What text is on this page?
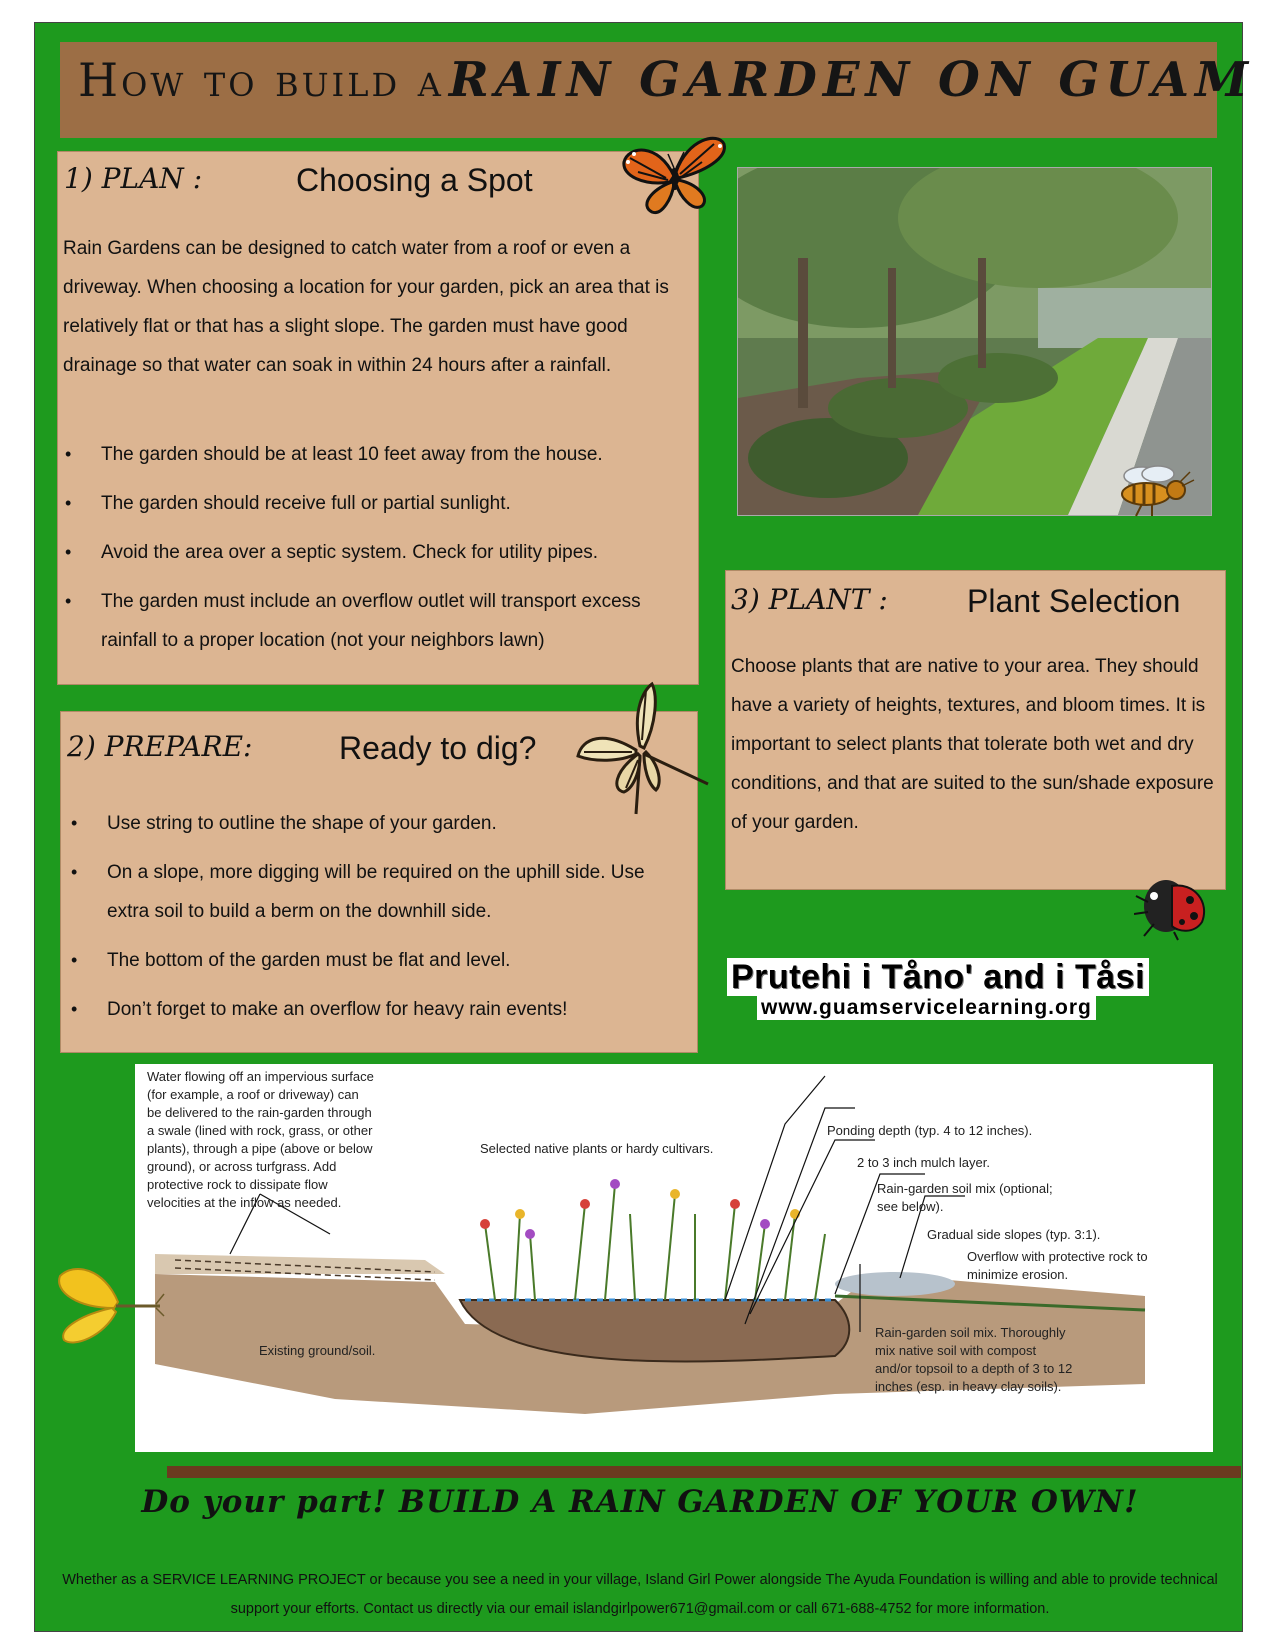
How to build a RAIN GARDEN ON GUAM
1) PLAN :	Choosing a Spot
Rain Gardens can be designed to catch water from a roof or even a driveway. When choosing a location for your garden, pick an area that is relatively flat or that has a slight slope. The garden must have good drainage so that water can soak in within 24 hours after a rainfall.
• The garden should be at least 10 feet away from the house.
• The garden should receive full or partial sunlight.
• Avoid the area over a septic system. Check for utility pipes.
• The garden must include an overflow outlet will transport excess rainfall to a proper location (not your neighbors lawn)
2) PREPARE:	Ready to dig?
• Use string to outline the shape of your garden.
• On a slope, more digging will be required on the uphill side. Use extra soil to build a berm on the downhill side.
• The bottom of the garden must be flat and level.
• Don’t forget to make an overflow for heavy rain events!
3) PLANT : Plant Selection
Choose plants that are native to your area. They should have a variety of heights, textures, and bloom times. It is important to select plants that tolerate both wet and dry conditions, and that are suited to the sun/shade exposure of your garden.
Prutehi i Tåno' and i Tåsi
www.guamservicelearning.org
Water flowing off an impervious surface (for example, a roof or driveway) can be delivered to the rain-garden through a swale (lined with rock, grass, or other plants), through a pipe (above or below ground), or across turfgrass. Add protective rock to dissipate flow velocities at the inflow as needed.
Selected native plants or hardy cultivars.
Ponding depth (typ. 4 to 12 inches).
2 to 3 inch mulch layer.
Rain-garden soil mix (optional; see below).
Gradual side slopes (typ. 3:1).
Overflow with protective rock to minimize erosion.
Existing ground/soil.
Rain-garden soil mix. Thoroughly mix native soil with compost and/or topsoil to a depth of 3 to 12 inches (esp. in heavy clay soils).
Do your part! BUILD A RAIN GARDEN OF YOUR OWN!
Whether as a SERVICE LEARNING PROJECT or because you see a need in your village, Island Girl Power alongside The Ayuda Foundation is willing and able to provide technical support your efforts. Contact us directly via our email islandgirlpower671@gmail.com or call 671-688-4752 for more information.
